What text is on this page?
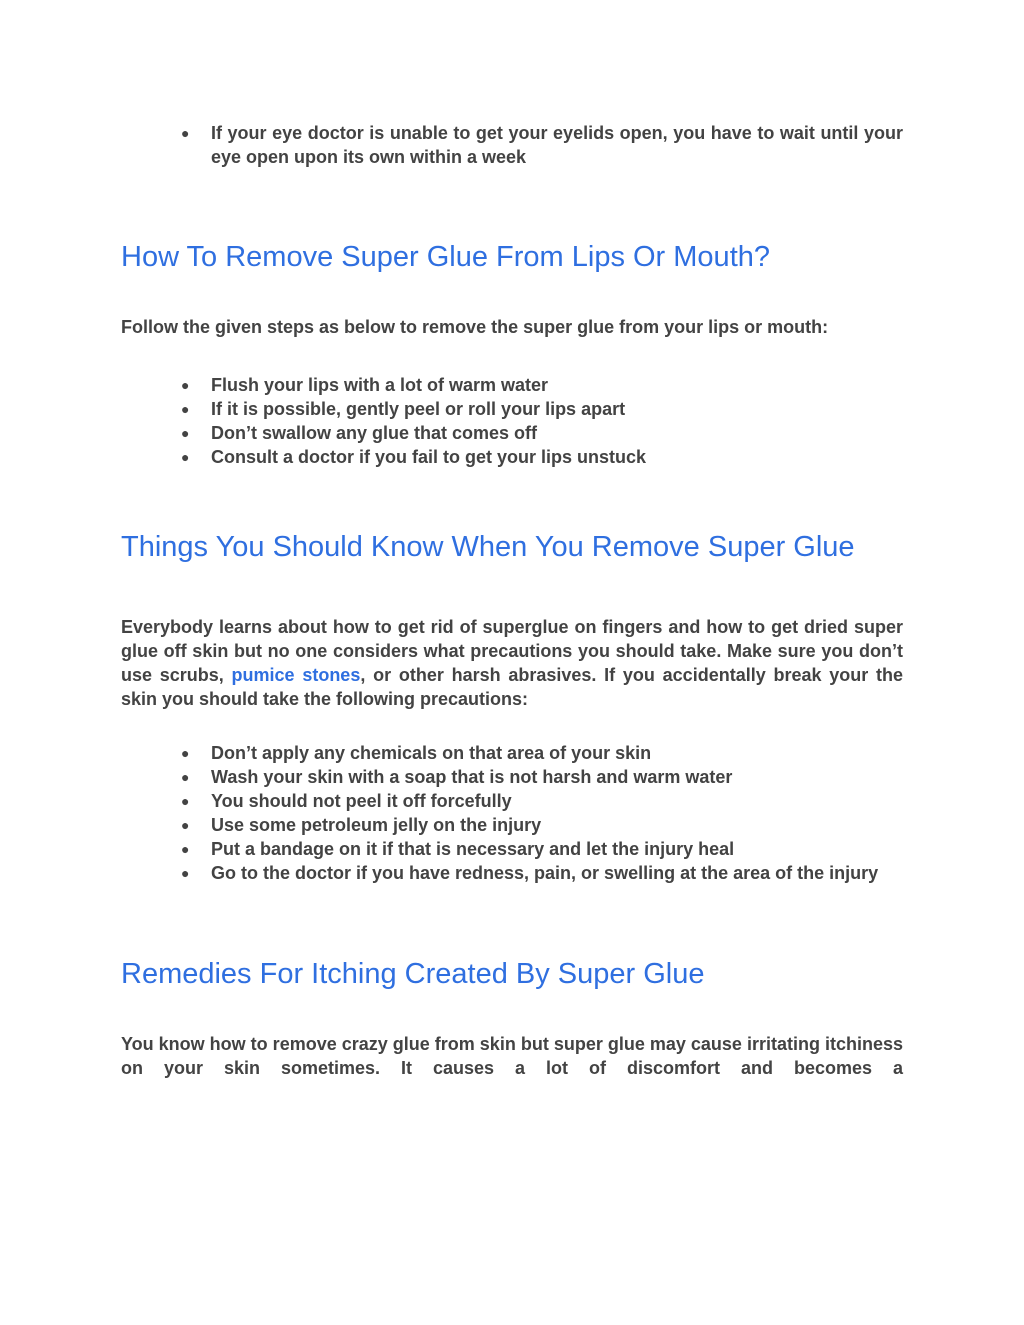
● If your eye doctor is unable to get your eyelids open, you have to wait until your eye open upon its own within a week
How To Remove Super Glue From Lips Or Mouth?

Follow the given steps as below to remove the super glue from your lips or mouth:

● Flush your lips with a lot of warm water
● If it is possible, gently peel or roll your lips apart
● Don’t swallow any glue that comes off
● Consult a doctor if you fail to get your lips unstuck
Things You Should Know When You Remove Super Glue

Everybody learns about how to get rid of superglue on fingers and how to get dried super glue off skin but no one considers what precautions you should take. Make sure you don’t use scrubs, pumice stones, or other harsh abrasives. If you accidentally break your the skin you should take the following precautions:

● Don’t apply any chemicals on that area of your skin
● Wash your skin with a soap that is not harsh and warm water
● You should not peel it off forcefully
● Use some petroleum jelly on the injury
● Put a bandage on it if that is necessary and let the injury heal
● Go to the doctor if you have redness, pain, or swelling at the area of the injury
Remedies For Itching Created By Super Glue

You know how to remove crazy glue from skin but super glue may cause irritating itchiness on your skin sometimes. It causes a lot of discomfort and becomes a
